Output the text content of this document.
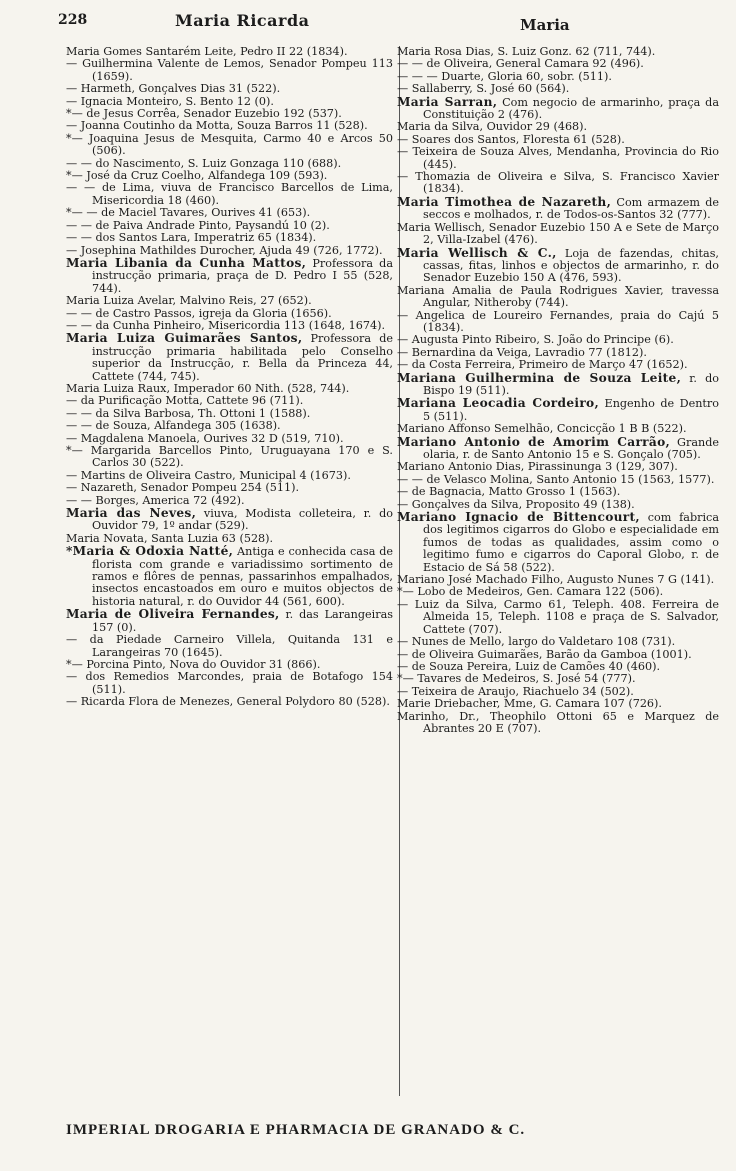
228	Maria Ricarda	Maria

Maria Gomes Santarém Leite, Pedro II 22 (1834).

— Guilhermina Valente de Lemos, Senador Pompeu 113 (1659).

— Harmeth, Gonçalves Dias 31 (522).

— Ignacia Monteiro, S. Bento 12 (0).

*— de Jesus Corrêa, Senador Euzebio 192 (537).

— Joanna Coutinho da Motta, Souza Barros 11 (528).

*— Joaquina Jesus de Mesquita, Carmo 40 e Arcos 50 (506).

— — do Nascimento, S. Luiz Gonzaga 110 (688).

*— José da Cruz Coelho, Alfandega 109 (593).

— — de Lima, viuva de Francisco Barcellos de Lima, Misericordia 18 (460).

*— — de Maciel Tavares, Ourives 41 (653).

— — de Paiva Andrade Pinto, Paysandú 10 (2).

— — dos Santos Lara, Imperatriz 65 (1834).

— Josephina Mathildes Durocher, Ajuda 49 (726, 1772).

Maria Libania da Cunha Mattos, Professora da instrucção primaria, praça de D. Pedro I 55 (528, 744).

Maria Luiza Avelar, Malvino Reis, 27 (652).

— — de Castro Passos, igreja da Gloria (1656).

— — da Cunha Pinheiro, Misericordia 113 (1648, 1674).

Maria Luiza Guimarães Santos, Professora de instrucção primaria habilitada pelo Conselho superior da Instrucção, r. Bella da Princeza 44, Cattete (744, 745).

Maria Luiza Raux, Imperador 60 Nith. (528, 744).

— da Purificação Motta, Cattete 96 (711).

— — da Silva Barbosa, Th. Ottoni 1 (1588).

— — de Souza, Alfandega 305 (1638).

— Magdalena Manoela, Ourives 32 D (519, 710).

*— Margarida Barcellos Pinto, Uruguayana 170 e S. Carlos 30 (522).

— Martins de Oliveira Castro, Municipal 4 (1673).

— Nazareth, Senador Pompeu 254 (511).

— — Borges, America 72 (492).

Maria das Neves, viuva, Modista colleteira, r. do Ouvidor 79, 1º andar (529).

Maria Novata, Santa Luzia 63 (528).

*Maria & Odoxia Natté, Antiga e conhecida casa de florista com grande e variadissimo sortimento de ramos e flôres de pennas, passarinhos empalhados, insectos encastoados em ouro e muitos objectos de historia natural, r. do Ouvidor 44 (561, 600).

Maria de Oliveira Fernandes, r. das Larangeiras 157 (0).

— da Piedade Carneiro Villela, Quitanda 131 e Larangeiras 70 (1645).

*— Porcina Pinto, Nova do Ouvidor 31 (866).

— dos Remedios Marcondes, praia de Botafogo 154 (511).

— Ricarda Flora de Menezes, General Polydoro 80 (528).

Maria Rosa Dias, S. Luiz Gonz. 62 (711, 744).

— — de Oliveira, General Camara 92 (496).

— — — Duarte, Gloria 60, sobr. (511).

— Sallaberry, S. José 60 (564).

Maria Sarran, Com negocio de armarinho, praça da Constituição 2 (476).

Maria da Silva, Ouvidor 29 (468).

— Soares dos Santos, Floresta 61 (528).

— Teixeira de Souza Alves, Mendanha, Provincia do Rio (445).

— Thomazia de Oliveira e Silva, S. Francisco Xavier (1834).

Maria Timothea de Nazareth, Com armazem de seccos e molhados, r. de Todos-os-Santos 32 (777).

Maria Wellisch, Senador Euzebio 150 A e Sete de Março 2, Villa-Izabel (476).

Maria Wellisch & C., Loja de fazendas, chitas, cassas, fitas, linhos e objectos de armarinho, r. do Senador Euzebio 150 A (476, 593).

Mariana Amalia de Paula Rodrigues Xavier, travessa Angular, Nitheroby (744).

— Angelica de Loureiro Fernandes, praia do Cajú 5 (1834).

— Augusta Pinto Ribeiro, S. João do Principe (6).

— Bernardina da Veiga, Lavradio 77 (1812).

— da Costa Ferreira, Primeiro de Março 47 (1652).

Mariana Guilhermina de Souza Leite, r. do Bispo 19 (511).

Mariana Leocadia Cordeiro, Engenho de Dentro 5 (511).

Mariano Affonso Semelhão, Concicção 1 B B (522).

Mariano Antonio de Amorim Carrão, Grande olaria, r. de Santo Antonio 15 e S. Gonçalo (705).

Mariano Antonio Dias, Pirassinunga 3 (129, 307).

— — de Velasco Molina, Santo Antonio 15 (1563, 1577).

— de Bagnacia, Matto Grosso 1 (1563).

— Gonçalves da Silva, Proposito 49 (138).

Mariano Ignacio de Bittencourt, com fabrica dos legitimos cigarros do Globo e especialidade em fumos de todas as qualidades, assim como o legitimo fumo e cigarros do Caporal Globo, r. de Estacio de Sá 58 (522).

Mariano José Machado Filho, Augusto Nunes 7 G (141).

*— Lobo de Medeiros, Gen. Camara 122 (506).

— Luiz da Silva, Carmo 61, Teleph. 408. Ferreira de Almeida 15, Teleph. 1108 e praça de S. Salvador, Cattete (707).

— Nunes de Mello, largo do Valdetaro 108 (731).

— de Oliveira Guimarães, Barão da Gamboa (1001).

— de Souza Pereira, Luiz de Camões 40 (460).

*— Tavares de Medeiros, S. José 54 (777).

— Teixeira de Araujo, Riachuelo 34 (502).

Marie Driebacher, Mme, G. Camara 107 (726).

Marinho, Dr., Theophilo Ottoni 65 e Marquez de Abrantes 20 E (707).

IMPERIAL DROGARIA E PHARMACIA DE GRANADO & C.
